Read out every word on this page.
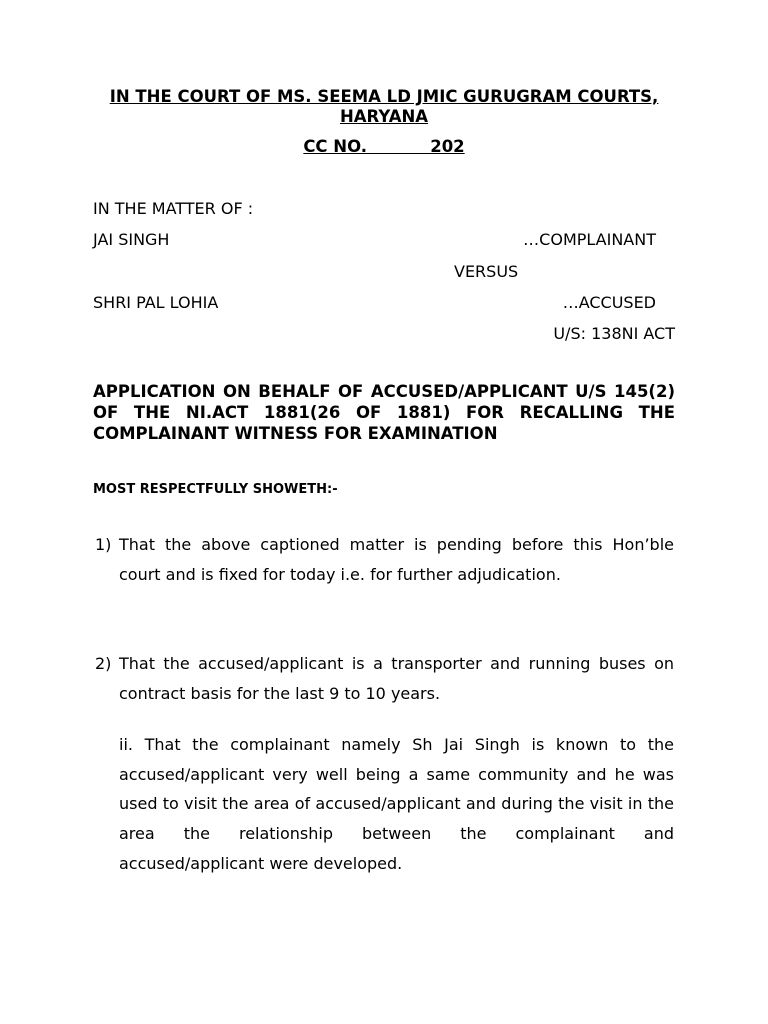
IN THE COURT OF MS. SEEMA LD JMIC GURUGRAM COURTS, HARYANA
CC NO.           202
IN THE MATTER OF :
JAI SINGH	…COMPLAINANT
VERSUS
SHRI PAL LOHIA	…ACCUSED
U/S: 138NI ACT
APPLICATION ON BEHALF OF ACCUSED/APPLICANT U/S 145(2) OF THE NI.ACT 1881(26 OF 1881) FOR RECALLING THE COMPLAINANT WITNESS FOR EXAMINATION
MOST RESPECTFULLY SHOWETH:-
1) That the above captioned matter is pending before this Hon’ble court and is fixed for today i.e. for further adjudication.
2) That the accused/applicant is a transporter and running buses on contract basis for the last 9 to 10 years.
ii. That the complainant namely Sh Jai Singh is known to the accused/applicant very well being a same community and he was used to visit the area of accused/applicant and during the visit in the area the relationship between the complainant and accused/applicant were developed.
